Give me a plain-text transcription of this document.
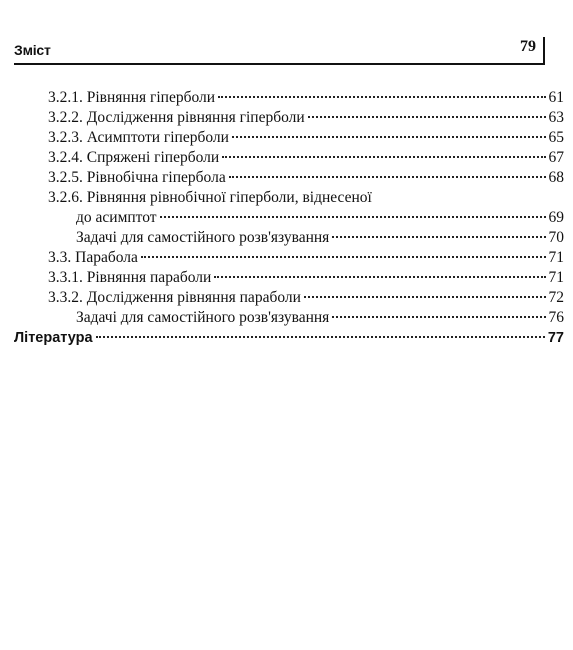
Зміст	79
3.2.1. Рівняння гіперболи	61
3.2.2. Дослідження рівняння гіперболи	63
3.2.3. Асимптоти гіперболи	65
3.2.4. Спряжені гіперболи	67
3.2.5. Рівнобічна гіпербола	68
3.2.6. Рівняння рівнобічної гіперболи, віднесеної
до асимптот	69
Задачі для самостійного розв'язування	70
3.3. Парабола	71
3.3.1. Рівняння параболи	71
3.3.2. Дослідження рівняння параболи	72
Задачі для самостійного розв'язування	76
Література	77
